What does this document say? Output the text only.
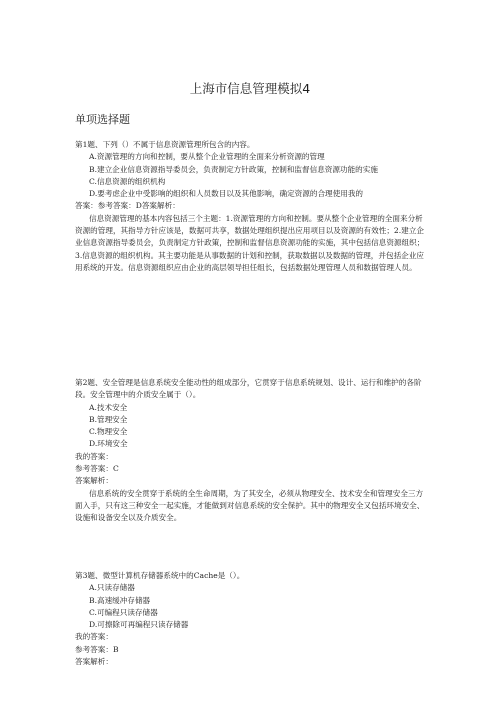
上海市信息管理模拟4
单项选择题

第1题、下列（）不属于信息资源管理所包含的内容。

A.资源管理的方向和控制，要从整个企业管理的全面来分析资源的管理

B.建立企业信息资源指导委员会，负责制定方针政策，控制和监督信息资源功能的实施

C.信息资源的组织机构

D.要考虑企业中受影响的组织和人员数目以及其他影响，确定资源的合理使用我的

答案：参考答案：D答案解析：

信息资源管理的基本内容包括三个主题：1.资源管理的方向和控制。要从整个企业管理的全面来分析资源的管理，其指导方针应该是，数据可共享，数据处理组织提出应用项目以及资源的有效性；2.建立企业信息资源指导委员会，负责制定方针政策，控制和监督信息资源功能的实施，其中包括信息资源组织；3.信息资源的组织机构。其主要功能是从事数据的计划和控制，获取数据以及数据的管理，并包括企业应用系统的开发。信息资源组织应由企业的高层领导担任组长，包括数据处理管理人员和数据管理人员。

第2题、安全管理是信息系统安全能动性的组成部分，它贯穿于信息系统规划、设计、运行和维护的各阶段。安全管理中的介质安全属于（）。

A.技术安全

B.管理安全

C.物理安全

D.环境安全

我的答案：

参考答案：C

答案解析：

信息系统的安全贯穿于系统的全生命周期，为了其安全，必须从物理安全、技术安全和管理安全三方面入手，只有这三种安全一起实施，才能做到对信息系统的安全保护。其中的物理安全又包括环境安全、设施和设备安全以及介质安全。

第3题、微型计算机存储器系统中的Cache是（）。

A.只读存储器

B.高速缓冲存储器

C.可编程只读存储器

D.可擦除可再编程只读存储器

我的答案：

参考答案：B

答案解析：
